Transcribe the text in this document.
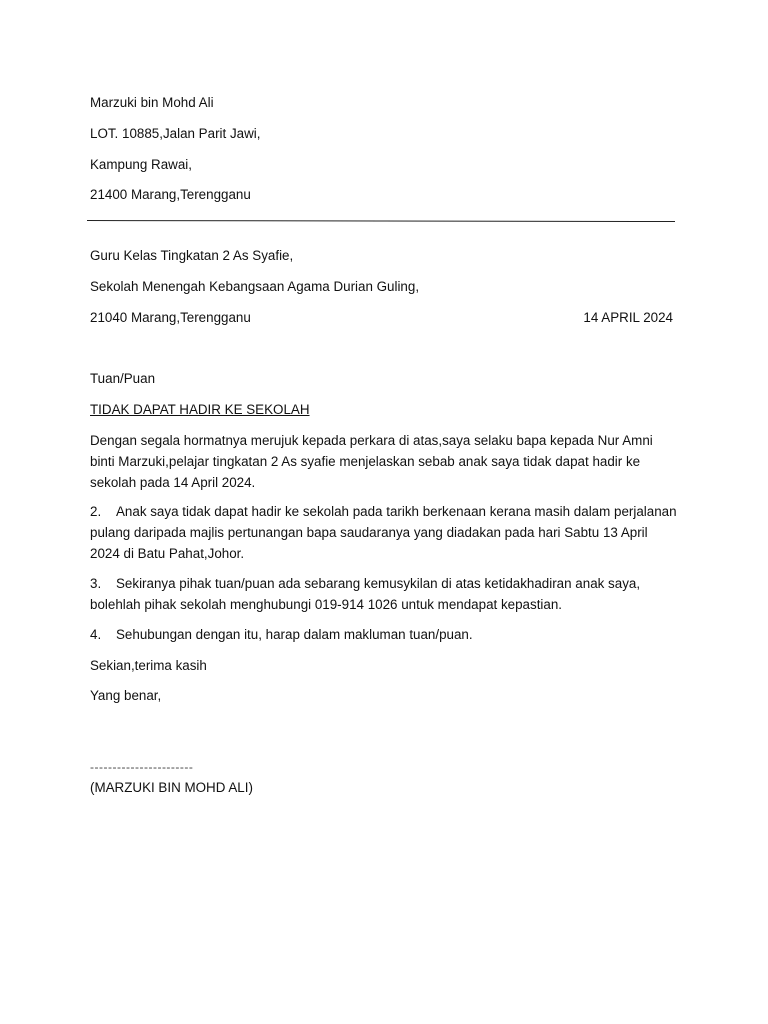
Marzuki bin Mohd Ali
LOT. 10885,Jalan Parit Jawi,
Kampung Rawai,
21400 Marang,Terengganu
Guru Kelas Tingkatan 2 As Syafie,
Sekolah Menengah Kebangsaan Agama Durian Guling,
21040 Marang,Terengganu	14 APRIL 2024
Tuan/Puan
TIDAK DAPAT HADIR KE SEKOLAH
Dengan segala hormatnya merujuk kepada perkara di atas,saya selaku bapa kepada Nur Amni binti Marzuki,pelajar tingkatan 2 As syafie menjelaskan sebab anak saya tidak dapat hadir ke sekolah pada 14 April 2024.
2. Anak saya tidak dapat hadir ke sekolah pada tarikh berkenaan kerana masih dalam perjalanan pulang daripada majlis pertunangan bapa saudaranya yang diadakan pada hari Sabtu 13 April 2024 di Batu Pahat,Johor.
3. Sekiranya pihak tuan/puan ada sebarang kemusykilan di atas ketidakhadiran anak saya, bolehlah pihak sekolah menghubungi 019-914 1026 untuk mendapat kepastian.
4. Sehubungan dengan itu, harap dalam makluman tuan/puan.
Sekian,terima kasih
Yang benar,
-----------------------
(MARZUKI BIN MOHD ALI)
